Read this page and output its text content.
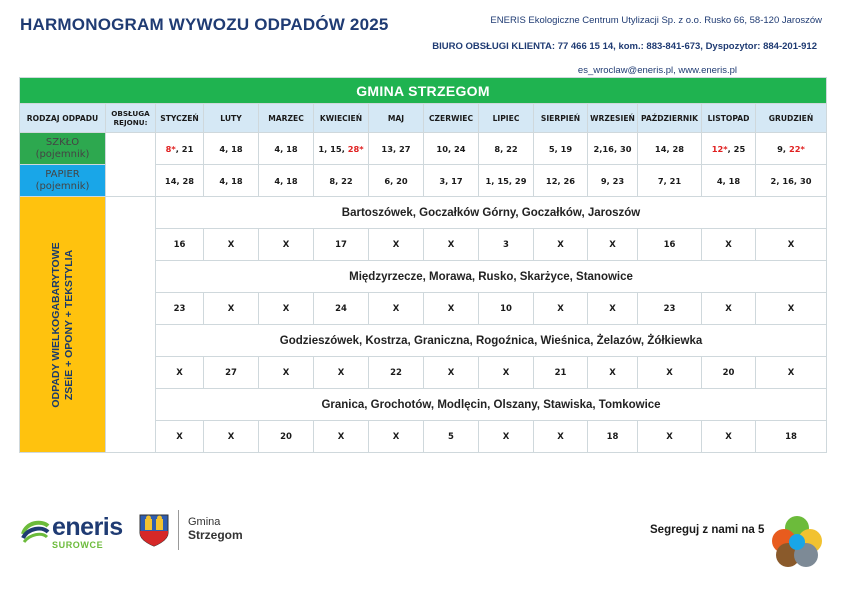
HARMONOGRAM WYWOZU ODPADÓW 2025	ENERIS Ekologiczne Centrum Utylizacji Sp. z o.o. Rusko 66, 58-120 Jaroszów
BIURO OBSŁUGI KLIENTA: 77 466 15 14, kom.: 883-841-673, Dyspozytor: 884-201-912
es_wroclaw@eneris.pl, www.eneris.pl
GMINA STRZEGOM													
RODZAJ ODPADU	OBSŁUGA REJONU:	STYCZEŃ	LUTY	MARZEC	KWIECIEŃ	MAJ	CZERWIEC	LIPIEC	SIERPIEŃ	WRZESIEŃ	PAŹDZIERNIK	LISTOPAD	GRUDZIEŃ

SZKŁO
(pojemnik)		8*, 21	4, 18	4, 18	1, 15, 28*	13, 27	10, 24	8, 22	5, 19	2,16, 30	14, 28	12*, 25	9, 22*

PAPIER
(pojemnik)		14, 28	4, 18	4, 18	8, 22	6, 20	3, 17	1, 15, 29	12, 26	9, 23	7, 21	4, 18	2, 16, 30

ODPADY WIELKOGABARYTOWE ZSEiE + OPONY + TEKSTYLIA		Bartoszówek, Goczałków Górny, Goczałków, Jaroszów											
		16	X	X	17	X	X	3	X	X	16	X	X
		Międzyrzecze, Morawa, Rusko, Skarżyce, Stanowice											
		23	X	X	24	X	X	10	X	X	23	X	X
		Godzieszówek, Kostrza, Graniczna, Rogoźnica, Wieśnica, Żelazów, Żółkiewka											
		X	27	X	X	22	X	X	21	X	X	20	X
		Granica, Grochotów, Modlęcin, Olszany, Stawiska, Tomkowice											
		X	X	20	X	X	5	X	X	18	X	X	18
eneris
SUROWCE
Gmina
Strzegom	Segreguj z nami na 5
